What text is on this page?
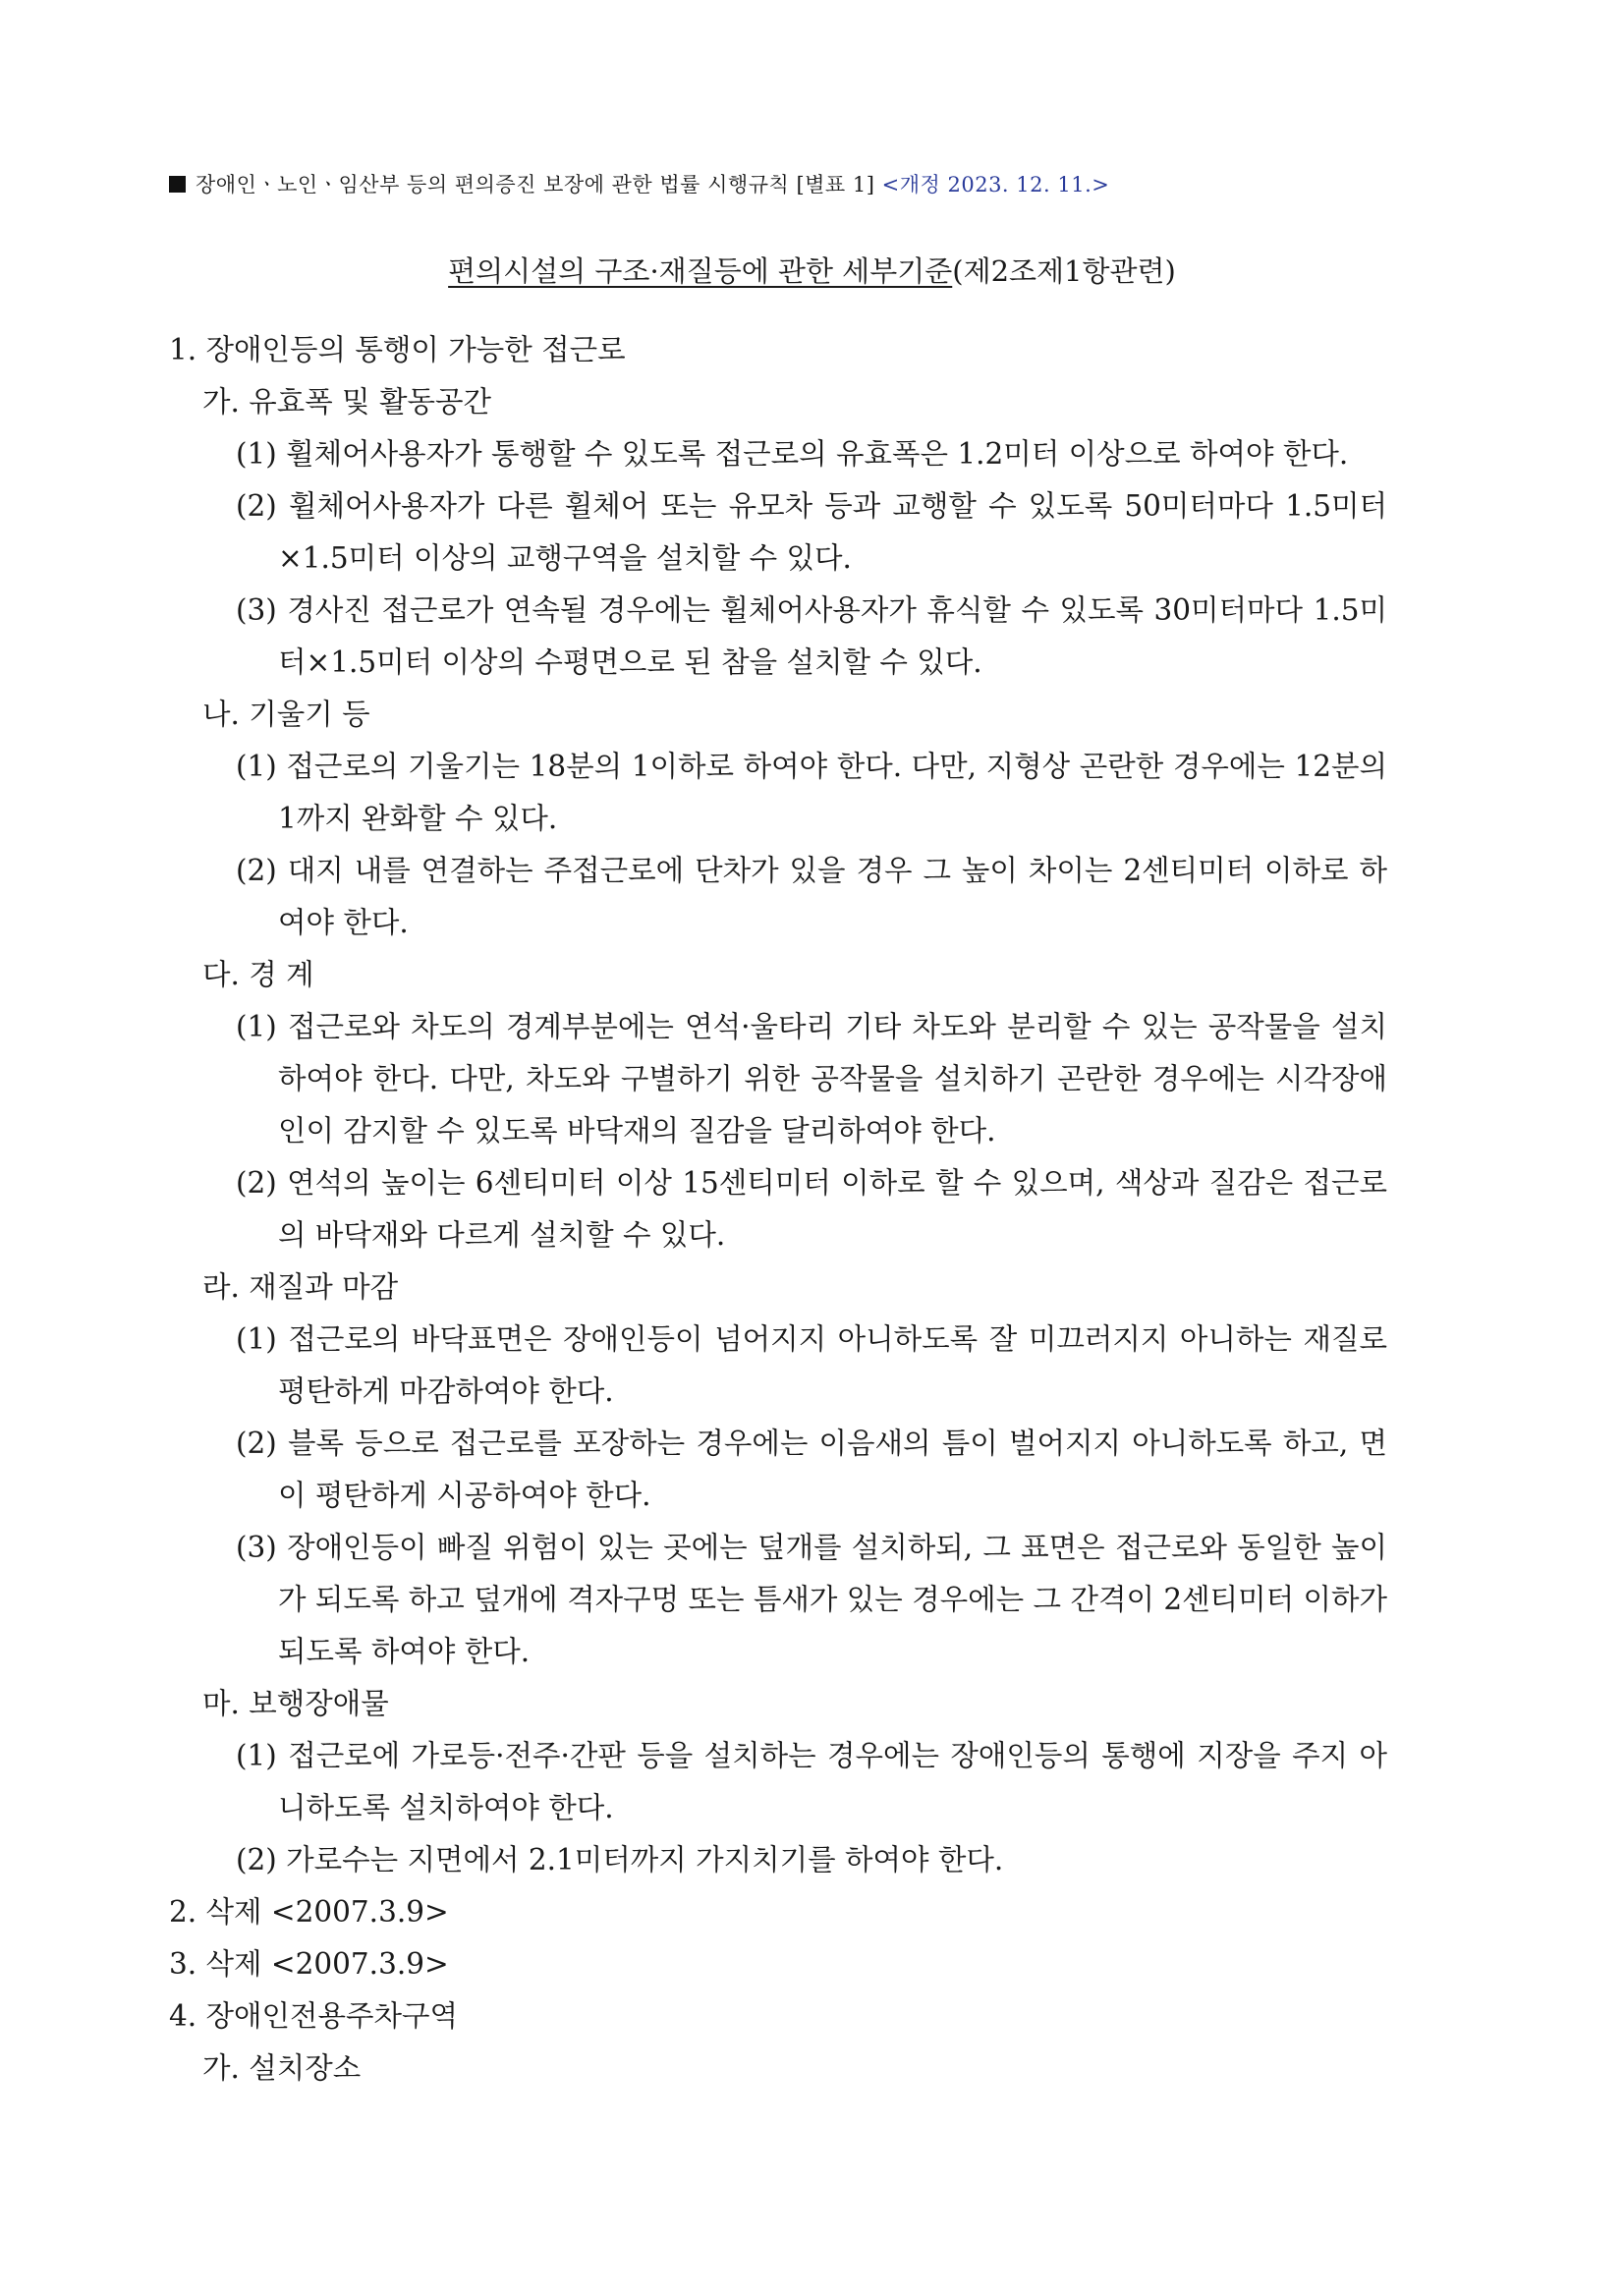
장애인ㆍ노인ㆍ임산부 등의 편의증진 보장에 관한 법률 시행규칙 [별표 1] <개정 2023. 12. 11.>
편의시설의 구조·재질등에 관한 세부기준(제2조제1항관련)

1. 장애인등의 통행이 가능한 접근로

가. 유효폭 및 활동공간

(1) 휠체어사용자가 통행할 수 있도록 접근로의 유효폭은 1.2미터 이상으로 하여야 한다.

(2) 휠체어사용자가 다른 휠체어 또는 유모차 등과 교행할 수 있도록 50미터마다 1.5미터×1.5미터 이상의 교행구역을 설치할 수 있다.

(3) 경사진 접근로가 연속될 경우에는 휠체어사용자가 휴식할 수 있도록 30미터마다 1.5미터×1.5미터 이상의 수평면으로 된 참을 설치할 수 있다.

나. 기울기 등

(1) 접근로의 기울기는 18분의 1이하로 하여야 한다. 다만, 지형상 곤란한 경우에는 12분의 1까지 완화할 수 있다.

(2) 대지 내를 연결하는 주접근로에 단차가 있을 경우 그 높이 차이는 2센티미터 이하로 하여야 한다.

다. 경 계

(1) 접근로와 차도의 경계부분에는 연석·울타리 기타 차도와 분리할 수 있는 공작물을 설치하여야 한다. 다만, 차도와 구별하기 위한 공작물을 설치하기 곤란한 경우에는 시각장애인이 감지할 수 있도록 바닥재의 질감을 달리하여야 한다.

(2) 연석의 높이는 6센티미터 이상 15센티미터 이하로 할 수 있으며, 색상과 질감은 접근로의 바닥재와 다르게 설치할 수 있다.

라. 재질과 마감

(1) 접근로의 바닥표면은 장애인등이 넘어지지 아니하도록 잘 미끄러지지 아니하는 재질로 평탄하게 마감하여야 한다.

(2) 블록 등으로 접근로를 포장하는 경우에는 이음새의 틈이 벌어지지 아니하도록 하고, 면이 평탄하게 시공하여야 한다.

(3) 장애인등이 빠질 위험이 있는 곳에는 덮개를 설치하되, 그 표면은 접근로와 동일한 높이가 되도록 하고 덮개에 격자구멍 또는 틈새가 있는 경우에는 그 간격이 2센티미터 이하가 되도록 하여야 한다.

마. 보행장애물

(1) 접근로에 가로등·전주·간판 등을 설치하는 경우에는 장애인등의 통행에 지장을 주지 아니하도록 설치하여야 한다.

(2) 가로수는 지면에서 2.1미터까지 가지치기를 하여야 한다.

2. 삭제 <2007.3.9>

3. 삭제 <2007.3.9>

4. 장애인전용주차구역

가. 설치장소
